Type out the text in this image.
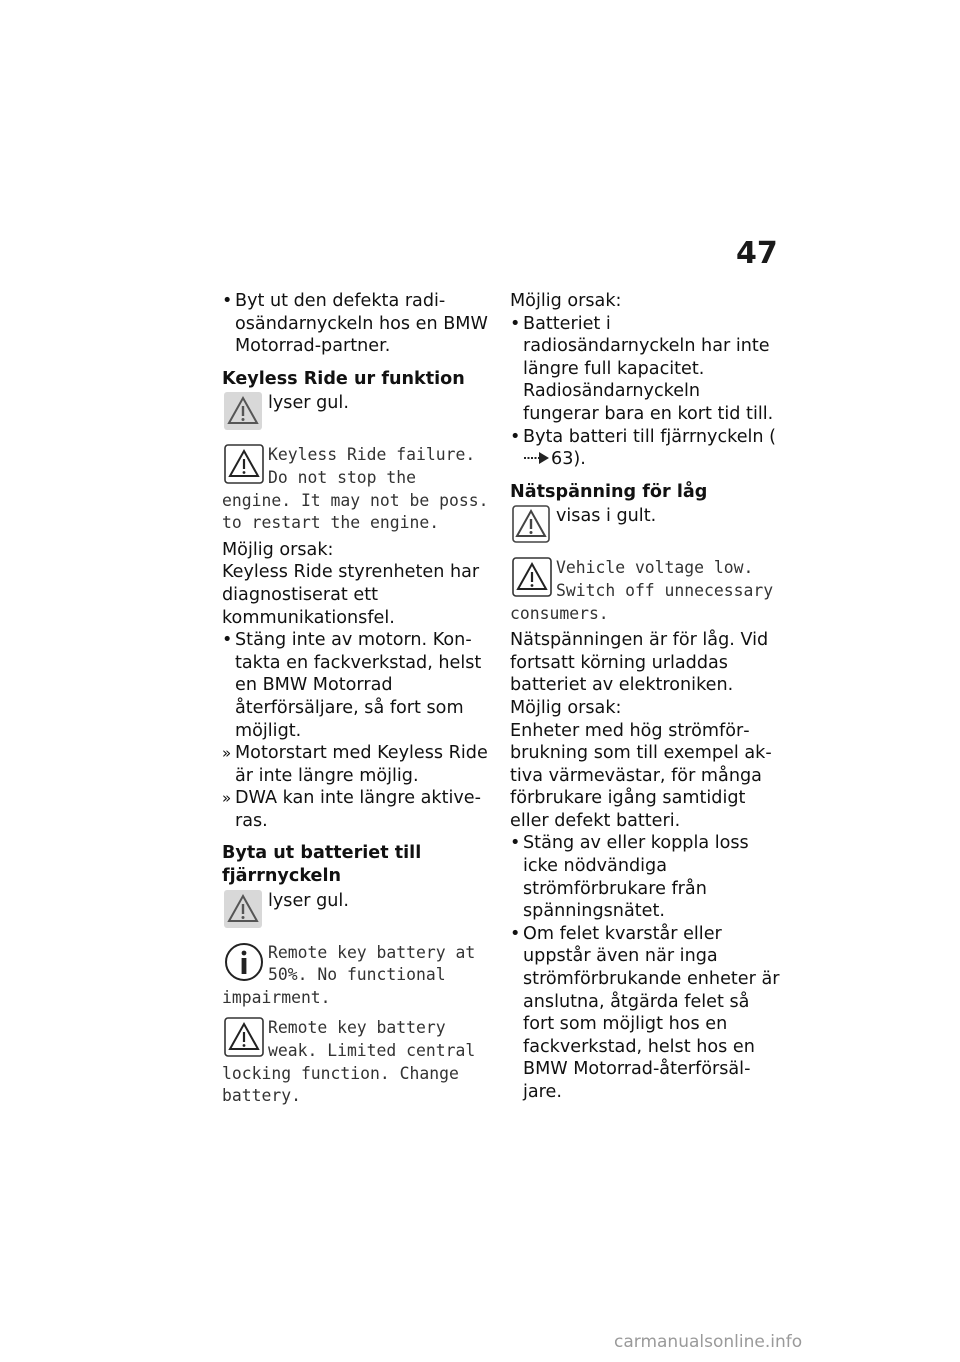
47
• Byt ut den defekta radiosändarnyckeln hos en BMW Motorrad-partner.
Keyless Ride ur funktion
lyser gul.
Keyless Ride failure. Do not stop the engine. It may not be poss. to restart the engine.
Möjlig orsak:
Keyless Ride styrenheten har diagnostiserat ett kommunikationsfel.
• Stäng inte av motorn. Kontakta en fackverkstad, helst en BMW Motorrad återförsäljare, så fort som möjligt.
» Motorstart med Keyless Ride är inte längre möjlig.
» DWA kan inte längre aktiveras.
Byta ut batteriet till fjärrnyckeln
lyser gul.
Remote key battery at 50%. No functional impairment.
Remote key battery weak. Limited central locking function. Change battery.
Möjlig orsak:
• Batteriet i radiosändarnyckeln har inte längre full kapacitet. Radiosändarnyckeln fungerar bara en kort tid till.
• Byta batteri till fjärrnyckeln (63).
Nätspänning för låg
visas i gult.
Vehicle voltage low. Switch off unnecessary consumers.
Nätspänningen är för låg. Vid fortsatt körning urladdas batteriet av elektroniken.
Möjlig orsak:
Enheter med hög strömförbrukning som till exempel aktiva värmevästar, för många förbrukare igång samtidigt eller defekt batteri.
• Stäng av eller koppla loss icke nödvändiga strömförbrukare från spänningsnätet.
• Om felet kvarstår eller uppstår även när inga strömförbrukande enheter är anslutna, åtgärda felet så fort som möjligt hos en fackverkstad, helst hos en BMW Motorrad-återförsäljare.
carmanualsonline.info
